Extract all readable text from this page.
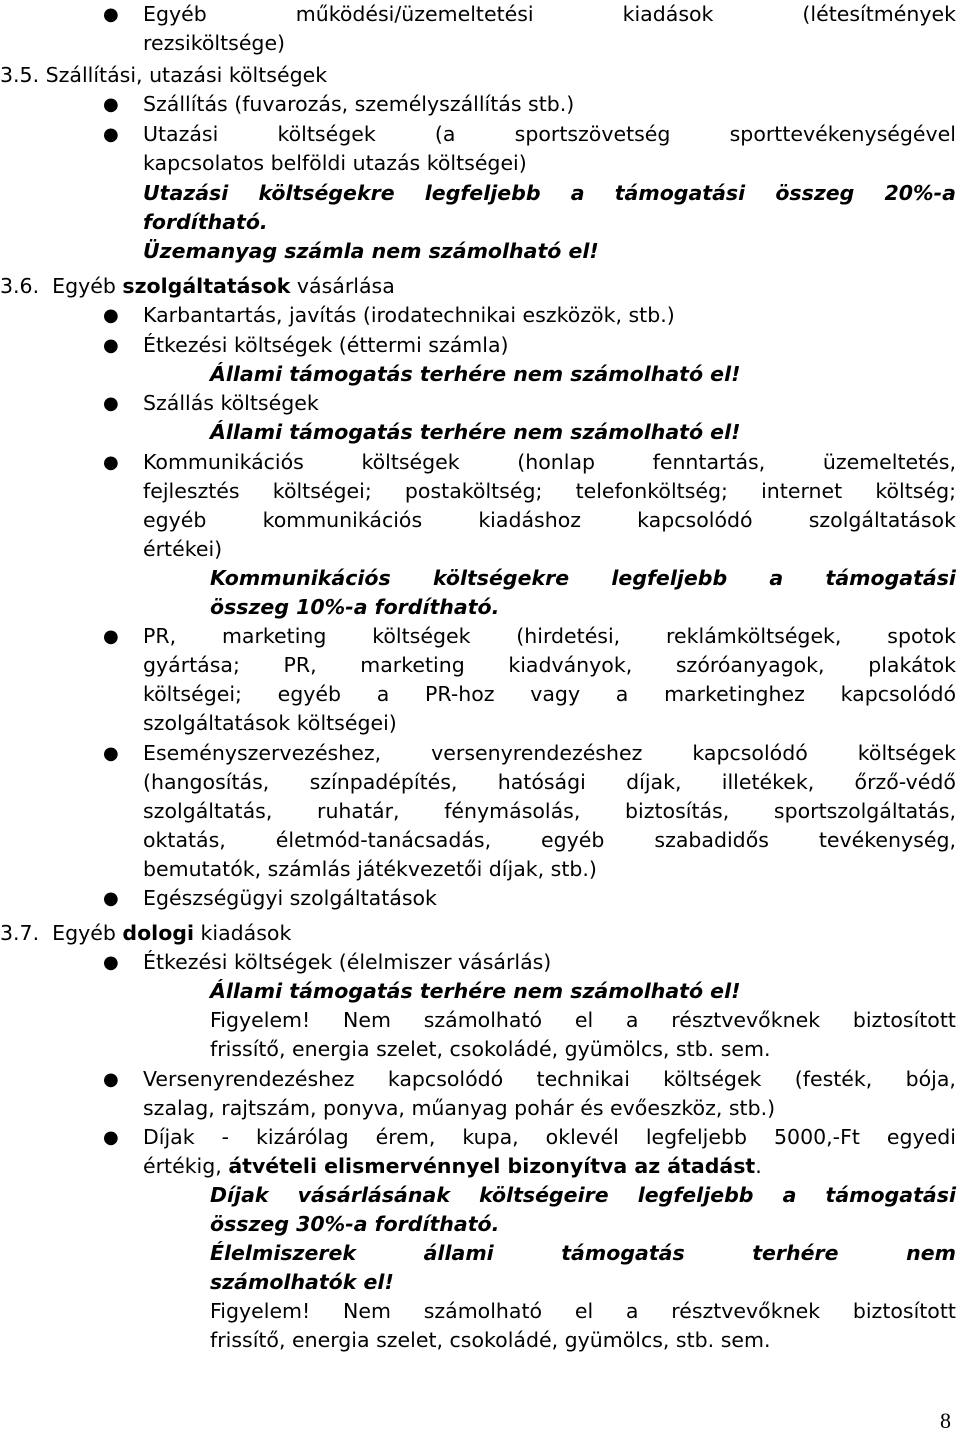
● Egyéb	működési/üzemeltetési	kiadások	(létesítmények
rezsiköltsége)
3.5. Szállítási, utazási költségek
● Szállítás (fuvarozás, személyszállítás stb.)
● Utazási	költségek	(a	sportszövetség	sporttevékenységével
kapcsolatos belföldi utazás költségei)
Utazási költségekre legfeljebb a támogatási összeg 20%-a
fordítható.
Üzemanyag számla nem számolható el!
3.6. Egyéb szolgáltatások vásárlása
● Karbantartás, javítás (irodatechnikai eszközök, stb.)
● Étkezési költségek (éttermi számla)
Állami támogatás terhére nem számolható el!
● Szállás költségek
Állami támogatás terhére nem számolható el!
● Kommunikációs	költségek	(honlap	fenntartás,	üzemeltetés,
fejlesztés költségei; postaköltség; telefonköltség; internet költség;
egyéb	kommunikációs	kiadáshoz	kapcsolódó	szolgáltatások
értékei)
Kommunikációs költségekre legfeljebb a támogatási
összeg 10%-a fordítható.
● PR, marketing költségek (hirdetési, reklámköltségek, spotok
gyártása; PR, marketing kiadványok, szóróanyagok, plakátok
költségei; egyéb a PR-hoz vagy a marketinghez kapcsolódó
szolgáltatások költségei)
● Eseményszervezéshez, versenyrendezéshez kapcsolódó költségek
(hangosítás, színpadépítés, hatósági díjak, illetékek, őrző-védő
szolgáltatás, ruhatár, fénymásolás, biztosítás, sportszolgáltatás,
oktatás, életmód-tanácsadás, egyéb szabadidős tevékenység,
bemutatók, számlás játékvezetői díjak, stb.)
● Egészségügyi szolgáltatások
3.7. Egyéb dologi kiadások
● Étkezési költségek (élelmiszer vásárlás)
Állami támogatás terhére nem számolható el!
Figyelem! Nem számolható el a résztvevőknek biztosított
frissítő, energia szelet, csokoládé, gyümölcs, stb. sem.
● Versenyrendezéshez kapcsolódó technikai költségek (festék, bója,
szalag, rajtszám, ponyva, műanyag pohár és evőeszköz, stb.)
● Díjak - kizárólag érem, kupa, oklevél legfeljebb 5000,-Ft egyedi
értékig, átvételi elismervénnyel bizonyítva az átadást.
Díjak vásárlásának költségeire legfeljebb a támogatási
összeg 30%-a fordítható.
Élelmiszerek	állami	támogatás	terhére	nem
számolhatók el!
Figyelem! Nem számolható el a résztvevőknek biztosított
frissítő, energia szelet, csokoládé, gyümölcs, stb. sem.
8
